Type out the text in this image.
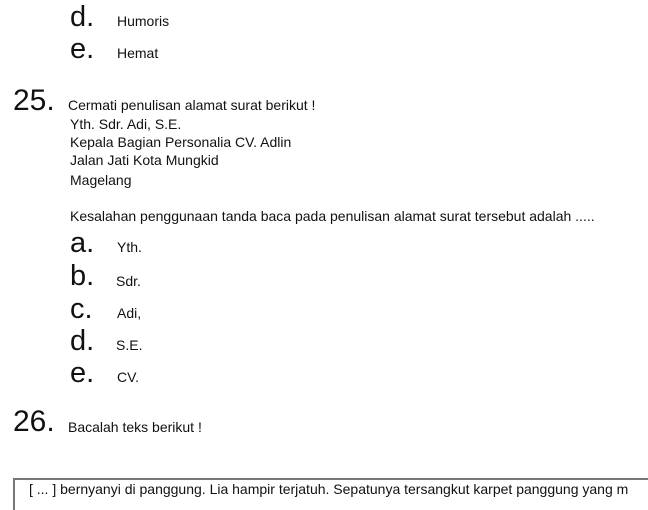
d. Humoris
e. Hemat
25. Cermati penulisan alamat surat berikut !
Yth. Sdr. Adi, S.E.
Kepala Bagian Personalia CV. Adlin
Jalan Jati Kota Mungkid
Magelang
Kesalahan penggunaan tanda baca pada penulisan alamat surat tersebut adalah .....
a. Yth.
b. Sdr.
c. Adi,
d. S.E.
e. CV.
26. Bacalah teks berikut !
[ ... ] bernyanyi di panggung. Lia hampir terjatuh. Sepatunya tersangkut karpet panggung yang m
